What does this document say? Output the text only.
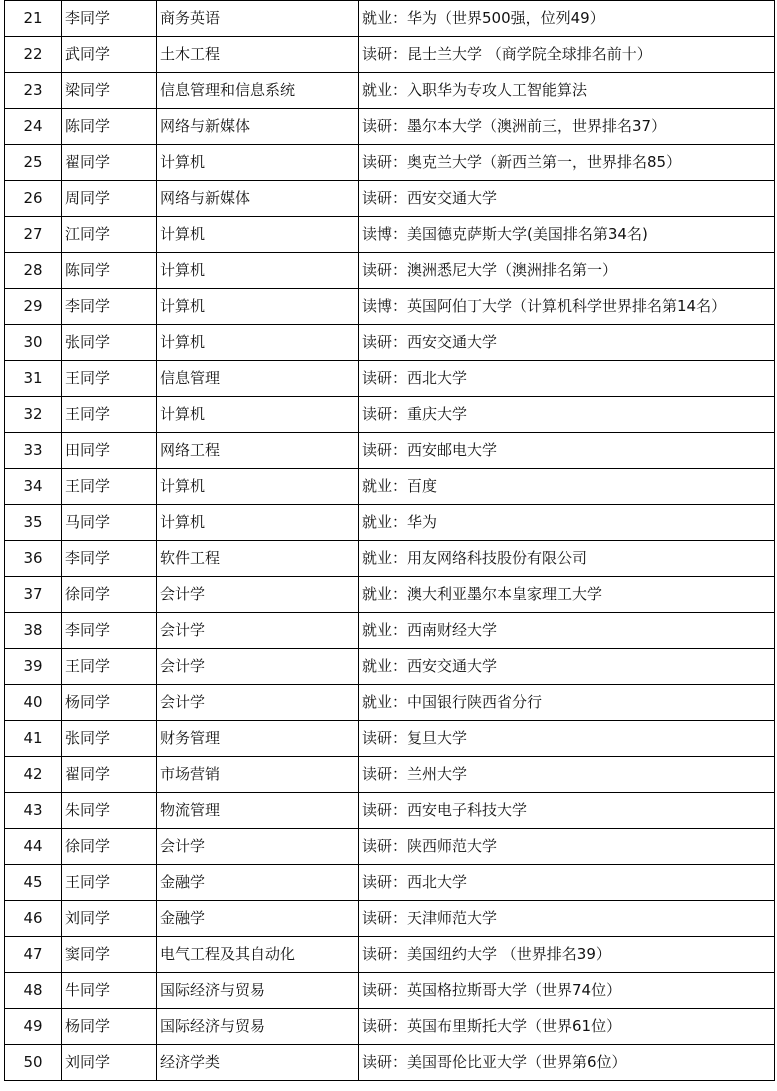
21	李同学	商务英语	就业：华为（世界500强，位列49）
22	武同学	土木工程	读研：昆士兰大学 （商学院全球排名前十）
23	梁同学	信息管理和信息系统	就业：入职华为专攻人工智能算法
24	陈同学	网络与新媒体	读研：墨尔本大学（澳洲前三，世界排名37）
25	翟同学	计算机	读研：奥克兰大学（新西兰第一，世界排名85）
26	周同学	网络与新媒体	读研：西安交通大学
27	江同学	计算机	读博：美国德克萨斯大学(美国排名第34名)
28	陈同学	计算机	读研：澳洲悉尼大学（澳洲排名第一）
29	李同学	计算机	读博：英国阿伯丁大学（计算机科学世界排名第14名）
30	张同学	计算机	读研：西安交通大学
31	王同学	信息管理	读研：西北大学
32	王同学	计算机	读研：重庆大学
33	田同学	网络工程	读研：西安邮电大学
34	王同学	计算机	就业：百度
35	马同学	计算机	就业：华为
36	李同学	软件工程	就业：用友网络科技股份有限公司
37	徐同学	会计学	就业：澳大利亚墨尔本皇家理工大学
38	李同学	会计学	就业：西南财经大学
39	王同学	会计学	就业：西安交通大学
40	杨同学	会计学	就业：中国银行陕西省分行
41	张同学	财务管理	读研：复旦大学
42	翟同学	市场营销	读研：兰州大学
43	朱同学	物流管理	读研：西安电子科技大学
44	徐同学	会计学	读研：陕西师范大学
45	王同学	金融学	读研：西北大学
46	刘同学	金融学	读研：天津师范大学
47	窦同学	电气工程及其自动化	读研：美国纽约大学 （世界排名39）
48	牛同学	国际经济与贸易	读研：英国格拉斯哥大学（世界74位）
49	杨同学	国际经济与贸易	读研：英国布里斯托大学（世界61位）
50	刘同学	经济学类	读研：美国哥伦比亚大学（世界第6位）
